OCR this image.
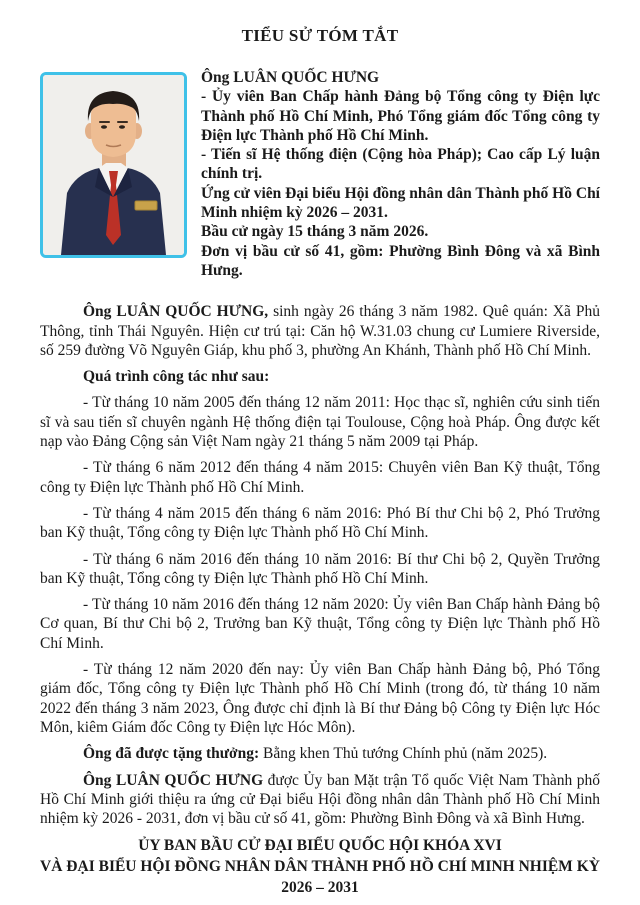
TIỂU SỬ TÓM TẮT

Ông LUÂN QUỐC HƯNG

- Ủy viên Ban Chấp hành Đảng bộ Tổng công ty Điện lực Thành phố Hồ Chí Minh, Phó Tổng giám đốc Tổng công ty Điện lực Thành phố Hồ Chí Minh.

- Tiến sĩ Hệ thống điện (Cộng hòa Pháp); Cao cấp Lý luận chính trị.

Ứng cử viên Đại biểu Hội đồng nhân dân Thành phố Hồ Chí Minh nhiệm kỳ 2026 – 2031.

Bầu cử ngày 15 tháng 3 năm 2026.

Đơn vị bầu cử số 41, gồm: Phường Bình Đông và xã Bình Hưng.

Ông LUÂN QUỐC HƯNG, sinh ngày 26 tháng 3 năm 1982. Quê quán: Xã Phủ Thông, tỉnh Thái Nguyên. Hiện cư trú tại: Căn hộ W.31.03 chung cư Lumiere Riverside, số 259 đường Võ Nguyên Giáp, khu phố 3, phường An Khánh, Thành phố Hồ Chí Minh.

Quá trình công tác như sau:

- Từ tháng 10 năm 2005 đến tháng 12 năm 2011: Học thạc sĩ, nghiên cứu sinh tiến sĩ và sau tiến sĩ chuyên ngành Hệ thống điện tại Toulouse, Cộng hoà Pháp. Ông được kết nạp vào Đảng Cộng sản Việt Nam ngày 21 tháng 5 năm 2009 tại Pháp.

- Từ tháng 6 năm 2012 đến tháng 4 năm 2015: Chuyên viên Ban Kỹ thuật, Tổng công ty Điện lực Thành phố Hồ Chí Minh.

- Từ tháng 4 năm 2015 đến tháng 6 năm 2016: Phó Bí thư Chi bộ 2, Phó Trưởng ban Kỹ thuật, Tổng công ty Điện lực Thành phố Hồ Chí Minh.

- Từ tháng 6 năm 2016 đến tháng 10 năm 2016: Bí thư Chi bộ 2, Quyền Trưởng ban Kỹ thuật, Tổng công ty Điện lực Thành phố Hồ Chí Minh.

- Từ tháng 10 năm 2016 đến tháng 12 năm 2020: Ủy viên Ban Chấp hành Đảng bộ Cơ quan, Bí thư Chi bộ 2, Trưởng ban Kỹ thuật, Tổng công ty Điện lực Thành phố Hồ Chí Minh.

- Từ tháng 12 năm 2020 đến nay: Ủy viên Ban Chấp hành Đảng bộ, Phó Tổng giám đốc, Tổng công ty Điện lực Thành phố Hồ Chí Minh (trong đó, từ tháng 10 năm 2022 đến tháng 3 năm 2023, Ông được chỉ định là Bí thư Đảng bộ Công ty Điện lực Hóc Môn, kiêm Giám đốc Công ty Điện lực Hóc Môn).

Ông đã được tặng thưởng: Bằng khen Thủ tướng Chính phủ (năm 2025).

Ông LUÂN QUỐC HƯNG được Ủy ban Mặt trận Tổ quốc Việt Nam Thành phố Hồ Chí Minh giới thiệu ra ứng cử Đại biểu Hội đồng nhân dân Thành phố Hồ Chí Minh nhiệm kỳ 2026 - 2031, đơn vị bầu cử số 41, gồm: Phường Bình Đông và xã Bình Hưng.

ỦY BAN BẦU CỬ ĐẠI BIỂU QUỐC HỘI KHÓA XVI
VÀ ĐẠI BIỂU HỘI ĐỒNG NHÂN DÂN THÀNH PHỐ HỒ CHÍ MINH NHIỆM KỲ 2026 – 2031
